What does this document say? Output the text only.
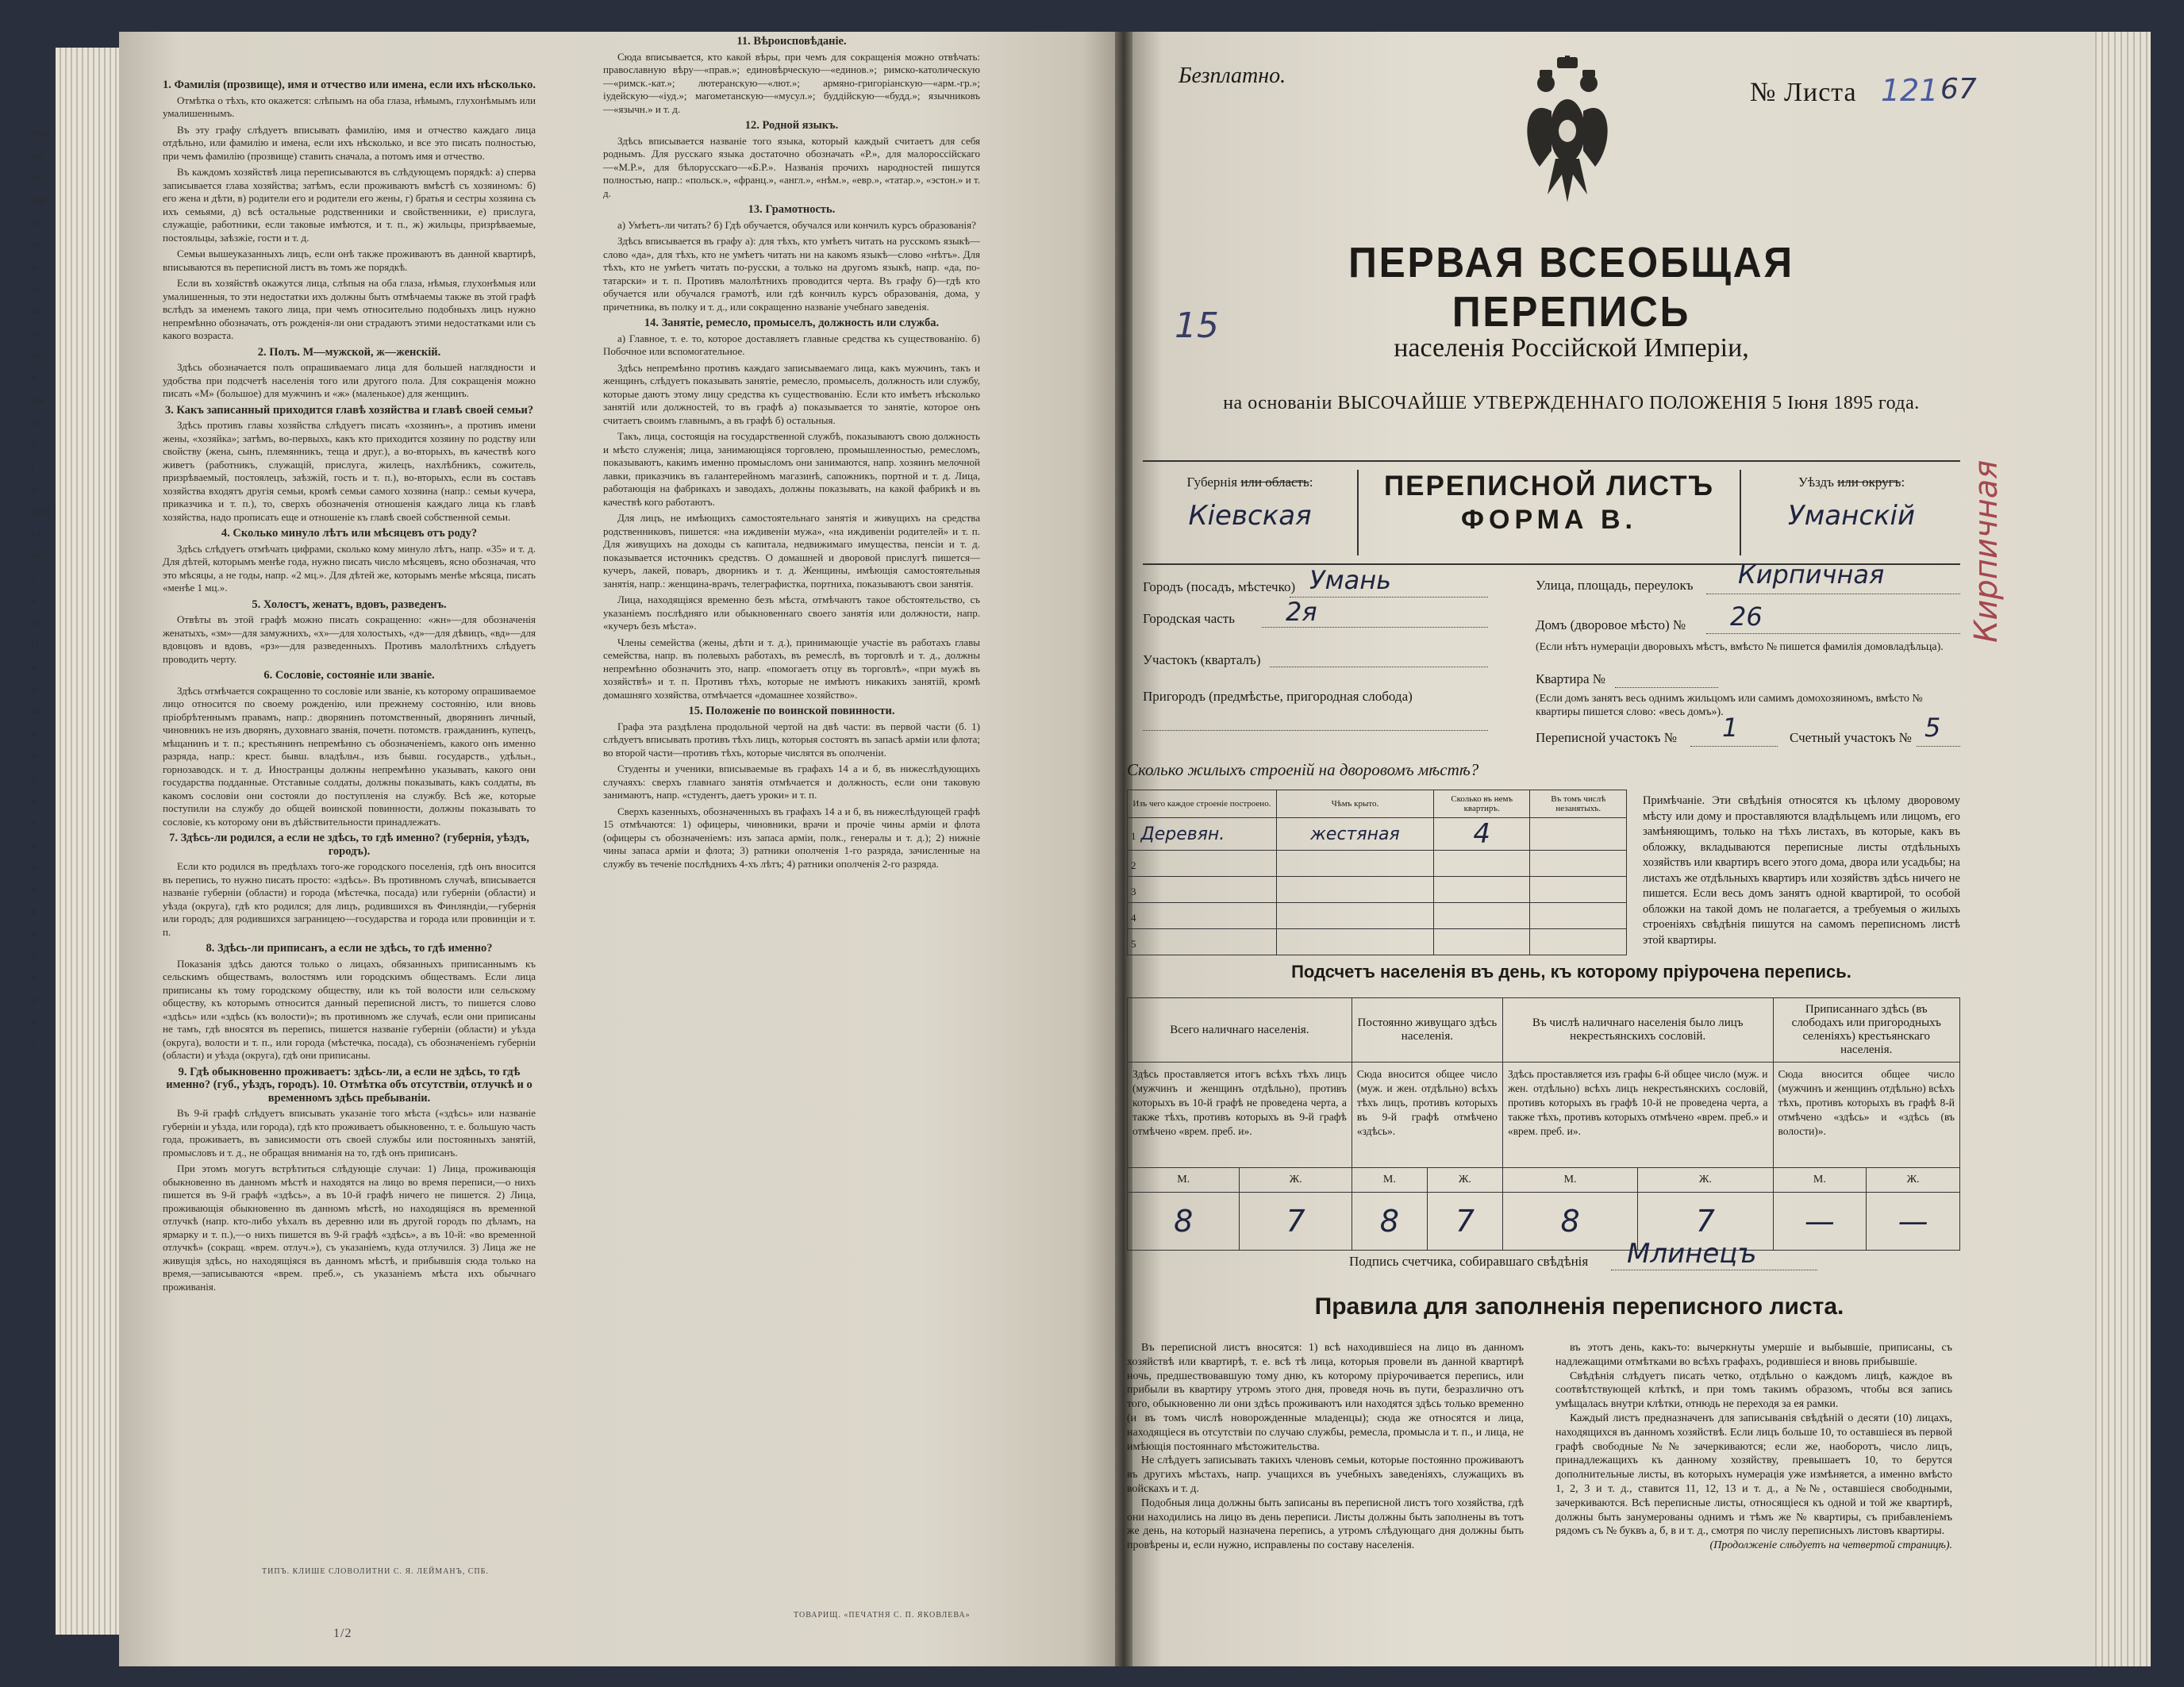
Отм
даг
по
пор
па
ен
ч
по
вл
ве
зв
ч
гла
ос
у
г
р
прот
ка
на
с
в
тъ
П
а
ро
на
в
п
р
н
к
а
п
и
к
п
г
в
п
п
7
1. Фамилія (прозвище), имя и отчество или имена, если ихъ нѣсколько.

Отмѣтка о тѣхъ, кто окажется: слѣпымъ на оба глаза, нѣмымъ, глухонѣмымъ или умалишеннымъ.

Въ эту графу слѣдуетъ вписывать фамилію, имя и отчество каждаго лица отдѣльно, или фамилію и имена, если ихъ нѣсколько, и все это писать полностью, при чемъ фамилію (прозвище) ставить сначала, а потомъ имя и отчество.

Въ каждомъ хозяйствѣ лица переписываются въ слѣдующемъ порядкѣ: а) сперва записывается глава хозяйства; затѣмъ, если проживаютъ вмѣстѣ съ хозяиномъ: б) его жена и дѣти, в) родители его и родители его жены, г) братья и сестры хозяина съ ихъ семьями, д) всѣ остальные родственники и свойственники, е) прислуга, служащіе, работники, если таковые имѣются, и т. п., ж) жильцы, призрѣваемые, постояльцы, заѣзжіе, гости и т. д.

Семьи вышеуказанныхъ лицъ, если онѣ также проживаютъ въ данной квартирѣ, вписываются въ переписной листъ въ томъ же порядкѣ.

Если въ хозяйствѣ окажутся лица, слѣпыя на оба глаза, нѣмыя, глухонѣмыя или умалишенныя, то эти недостатки ихъ должны быть отмѣчаемы также въ этой графѣ вслѣдъ за именемъ такого лица, при чемъ относительно подобныхъ лицъ нужно непремѣнно обозначать, отъ рожденія-ли они страдаютъ этими недостатками или съ какого возраста.

2. Полъ. М—мужской, ж—женскій.

Здѣсь обозначается полъ опрашиваемаго лица для большей наглядности и удобства при подсчетѣ населенія того или другого пола. Для сокращенія можно писать «М» (большое) для мужчинъ и «ж» (маленькое) для женщинъ.

3. Какъ записанный приходится главѣ хозяйства и главѣ своей семьи?

Здѣсь противъ главы хозяйства слѣдуетъ писать «хозяинъ», а противъ имени жены, «хозяйка»; затѣмъ, во-первыхъ, какъ кто приходится хозяину по родству или свойству (жена, сынъ, племянникъ, теща и друг.), а во-вторыхъ, въ качествѣ кого живетъ (работникъ, служащій, прислуга, жилецъ, нахлѣбникъ, сожитель, призрѣваемый, постоялецъ, заѣзжій, гость и т. п.), во-вторыхъ, если въ составъ хозяйства входятъ другія семьи, кромѣ семьи самого хозяина (напр.: семьи кучера, приказчика и т. п.), то, сверхъ обозначенія отношенія каждаго лица къ главѣ хозяйства, надо прописать еще и отношеніе къ главѣ своей собственной семьи.

4. Сколько минуло лѣтъ или мѣсяцевъ отъ роду?

Здѣсь слѣдуетъ отмѣчать цифрами, сколько кому минуло лѣтъ, напр. «35» и т. д. Для дѣтей, которымъ менѣе года, нужно писать число мѣсяцевъ, ясно обозначая, что это мѣсяцы, а не годы, напр. «2 мц.». Для дѣтей же, которымъ менѣе мѣсяца, писать «менѣе 1 мц.».

5. Холостъ, женатъ, вдовъ, разведенъ.

Отвѣты въ этой графѣ можно писать сокращенно: «жн»—для обозначенія женатыхъ, «зм»—для замужнихъ, «х»—для холостыхъ, «д»—для дѣвицъ, «вд»—для вдовцовъ и вдовъ, «рз»—для разведенныхъ. Противъ малолѣтнихъ слѣдуетъ проводить черту.

6. Сословіе, состояніе или званіе.

Здѣсь отмѣчается сокращенно то сословіе или званіе, къ которому опрашиваемое лицо относится по своему рожденію, или прежнему состоянію, или вновь пріобрѣтеннымъ правамъ, напр.: дворянинъ потомственный, дворянинъ личный, чиновникъ не изъ дворянъ, духовнаго званія, почетн. потомств. гражданинъ, купецъ, мѣщанинъ и т. п.; крестьянинъ непремѣнно съ обозначеніемъ, какого онъ именно разряда, напр.: крест. бывш. владѣльч., изъ бывш. государств., удѣльн., горнозаводск. и т. д. Иностранцы должны непремѣнно указывать, какого они государства подданные. Отставные солдаты, должны показывать, какъ солдаты, въ какомъ сословіи они состояли до поступленія на службу. Всѣ же, которые поступили на службу до общей воинской повинности, должны показывать то сословіе, къ которому они въ дѣйствительности принадлежатъ.

7. Здѣсь-ли родился, а если не здѣсь, то гдѣ именно? (губернія, уѣздъ, городъ).

Если кто родился въ предѣлахъ того-же городского поселенія, гдѣ онъ вносится въ перепись, то нужно писать просто: «здѣсь». Въ противномъ случаѣ, вписывается названіе губерніи (области) и города (мѣстечка, посада) или губерніи (области) и уѣзда (округа), гдѣ кто родился; для лицъ, родившихся въ Финляндіи,—губернія или городъ; для родившихся заграницею—государства и города или провинціи и т. п.

8. Здѣсь-ли приписанъ, а если не здѣсь, то гдѣ именно?

Показанія здѣсь даются только о лицахъ, обязанныхъ приписаннымъ къ сельскимъ обществамъ, волостямъ или городскимъ обществамъ. Если лица приписаны къ тому городскому обществу, или къ той волости или сельскому обществу, къ которымъ относится данный переписной листъ, то пишется слово «здѣсь» или «здѣсь (къ волости)»; въ противномъ же случаѣ, если они приписаны не тамъ, гдѣ вносятся въ перепись, пишется названіе губерніи (области) и уѣзда (округа), волости и т. п., или города (мѣстечка, посада), съ обозначеніемъ губерніи (области) и уѣзда (округа), гдѣ они приписаны.

9. Гдѣ обыкновенно проживаетъ: здѣсь-ли, а если не здѣсь, то гдѣ именно? (губ., уѣздъ, городъ). 10. Отмѣтка объ отсутствіи, отлучкѣ и о временномъ здѣсь пребываніи.

Въ 9-й графѣ слѣдуетъ вписывать указаніе того мѣста («здѣсь» или названіе губерніи и уѣзда, или города), гдѣ кто проживаетъ обыкновенно, т. е. большую часть года, проживаетъ, въ зависимости отъ своей службы или постоянныхъ занятій, промысловъ и т. д., не обращая вниманія на то, гдѣ онъ приписанъ.

При этомъ могутъ встрѣтиться слѣдующіе случаи: 1) Лица, проживающія обыкновенно въ данномъ мѣстѣ и находятся на лицо во время переписи,—о нихъ пишется въ 9-й графѣ «здѣсь», а въ 10-й графѣ ничего не пишется. 2) Лица, проживающія обыкновенно въ данномъ мѣстѣ, но находящіяся въ временной отлучкѣ (напр. кто-либо уѣхалъ въ деревню или въ другой городъ по дѣламъ, на ярмарку и т. п.),—о нихъ пишется въ 9-й графѣ «здѣсь», а въ 10-й: «во временной отлучкѣ» (сокращ. «врем. отлуч.»), съ указаніемъ, куда отлучился. 3) Лица же не живущія здѣсь, но находящіяся въ данномъ мѣстѣ, и прибывшія сюда только на время,—записываются «врем. преб.», съ указаніемъ мѣста ихъ обычнаго проживанія.

11. Вѣроисповѣданіе.

Сюда вписывается, кто какой вѣры, при чемъ для сокращенія можно отвѣчать: православную вѣру—«прав.»; единовѣрческую—«единов.»; римско-католическую—«римск.-кат.»; лютеранскую—«лют.»; армяно-григоріанскую—«арм.-гр.»; іудейскую—«іуд.»; магометанскую—«мусул.»; буддійскую—«будд.»; язычниковъ—«язычн.» и т. д.

12. Родной языкъ.

Здѣсь вписывается названіе того языка, который каждый считаетъ для себя роднымъ. Для русскаго языка достаточно обозначать «Р.», для малороссійскаго—«М.Р.», для бѣлорусскаго—«Б.Р.». Названія прочихъ народностей пишутся полностью, напр.: «польск.», «франц.», «англ.», «нѣм.», «евр.», «татар.», «эстон.» и т. д.

13. Грамотность.

а) Умѣетъ-ли читать? б) Гдѣ обучается, обучался или кончилъ курсъ образованія?

Здѣсь вписывается въ графу а): для тѣхъ, кто умѣетъ читать на русскомъ языкѣ—слово «да», для тѣхъ, кто не умѣетъ читать ни на какомъ языкѣ—слово «нѣтъ». Для тѣхъ, кто не умѣетъ читать по-русски, а только на другомъ языкѣ, напр. «да, по-татарски» и т. п. Противъ малолѣтнихъ проводится черта. Въ графу б)—гдѣ кто обучается или обучался грамотѣ, или гдѣ кончилъ курсъ образованія, дома, у причетника, въ полку и т. д., или сокращенно названіе учебнаго заведенія.

14. Занятіе, ремесло, промыселъ, должность или служба.

а) Главное, т. е. то, которое доставляетъ главные средства къ существованію. б) Побочное или вспомогательное.

Здѣсь непремѣнно противъ каждаго записываемаго лица, какъ мужчинъ, такъ и женщинъ, слѣдуетъ показывать занятіе, ремесло, промыселъ, должность или службу, которые даютъ этому лицу средства къ существованію. Если кто имѣетъ нѣсколько занятій или должностей, то въ графѣ а) показывается то занятіе, которое онъ считаетъ своимъ главнымъ, а въ графѣ б) остальныя.

Такъ, лица, состоящія на государственной службѣ, показываютъ свою должность и мѣсто служенія; лица, занимающіяся торговлею, промышленностью, ремесломъ, показываютъ, какимъ именно промысломъ они занимаются, напр. хозяинъ мелочной лавки, приказчикъ въ галантерейномъ магазинѣ, сапожникъ, портной и т. д. Лица, работающія на фабрикахъ и заводахъ, должны показывать, на какой фабрикѣ и въ качествѣ кого работаютъ.

Для лицъ, не имѣющихъ самостоятельнаго занятія и живущихъ на средства родственниковъ, пишется: «на иждивеніи мужа», «на иждивеніи родителей» и т. п. Для живущихъ на доходы съ капитала, недвижимаго имущества, пенсіи и т. д. показывается источникъ средствъ. О домашней и дворовой прислугѣ пишется—кучеръ, лакей, поваръ, дворникъ и т. д. Женщины, имѣющія самостоятельныя занятія, напр.: женщина-врачъ, телеграфистка, портниха, показываютъ свои занятія.

Лица, находящіяся временно безъ мѣста, отмѣчаютъ такое обстоятельство, съ указаніемъ послѣдняго или обыкновеннаго своего занятія или должности, напр. «кучеръ безъ мѣста».

Члены семейства (жены, дѣти и т. д.), принимающіе участіе въ работахъ главы семейства, напр. въ полевыхъ работахъ, въ ремеслѣ, въ торговлѣ и т. д., должны непремѣнно обозначить это, напр. «помогаетъ отцу въ торговлѣ», «при мужѣ въ хозяйствѣ» и т. п. Противъ тѣхъ, которые не имѣютъ никакихъ занятій, кромѣ домашняго хозяйства, отмѣчается «домашнее хозяйство».

15. Положеніе по воинской повинности.

Графа эта раздѣлена продольной чертой на двѣ части: въ первой части (б. 1) слѣдуетъ вписывать противъ тѣхъ лицъ, которыя состоятъ въ запасѣ арміи или флота; во второй части—противъ тѣхъ, которые числятся въ ополченіи.

Студенты и ученики, вписываемые въ графахъ 14 а и б, въ нижеслѣдующихъ случаяхъ: сверхъ главнаго занятія отмѣчается и должность, если они таковую занимаютъ, напр. «студентъ, даетъ уроки» и т. п.

Сверхъ казенныхъ, обозначенныхъ въ графахъ 14 а и б, въ нижеслѣдующей графѣ 15 отмѣчаются: 1) офицеры, чиновники, врачи и прочіе чины арміи и флота (офицеры съ обозначеніемъ: изъ запаса арміи, полк., генералы и т. д.); 2) нижніе чины запаса арміи и флота; 3) ратники ополченія 1-го разряда, зачисленные на службу въ теченіе послѣднихъ 4-хъ лѣтъ; 4) ратники ополченія 2-го разряда.

ТИПЪ. КЛИШЕ СЛОВОЛИТНИ С. Я. ЛЕЙМАНЪ, СПБ.
ТОВАРИЩ. «ПЕЧАТНЯ С. П. ЯКОВЛЕВА»
1/2
Безплатно.
№ Листа 121 67
15
ПЕРВАЯ ВСЕОБЩАЯ ПЕРЕПИСЬ
населенія Россійской Имперіи,
на основаніи ВЫСОЧАЙШЕ УТВЕРЖДЕННАГО ПОЛОЖЕНІЯ 5 Іюня 1895 года.
Губернія или область:
Кіевская
ПЕРЕПИСНОЙ ЛИСТЪ
ФОРМА В.
Уѣздъ или округъ:
Уманскій
Городъ (посадъ, мѣстечко) Умань
Городская часть 2я
Участокъ (кварталъ)
Пригородъ (предмѣстье, пригородная слобода)
Улица, площадь, переулокъ Кирпичная
Домъ (дворовое мѣсто) № 26
(Если нѣтъ нумераціи дворовыхъ мѣстъ, вмѣсто № пишется фамилія домовладѣльца).
Квартира №
(Если домъ занятъ весь однимъ жильцомъ или самимъ домохозяиномъ, вмѣсто № квартиры пишется слово: «весь домъ»).
Переписной участокъ № 1	Счетный участокъ № 5
Сколько жилыхъ строеній на дворовомъ мѣстѣ?
Изъ чего каждое строеніе построено.	Чѣмъ крыто.	Сколько въ немъ квартиръ.	Въ томъ числѣ незанятыхъ.
1 Деревян.	жестяная	4	
2			
3			
4			
5			
Примѣчаніе. Эти свѣдѣнія относятся къ цѣлому дворовому мѣсту или дому и проставляются владѣльцемъ или лицомъ, его замѣняющимъ, только на тѣхъ листахъ, въ которые, какъ въ обложку, вкладываются переписные листы отдѣльныхъ хозяйствъ или квартиръ всего этого дома, двора или усадьбы; на листахъ же отдѣльныхъ квартиръ или хозяйствъ здѣсь ничего не пишется. Если весь домъ занятъ одной квартирой, то особой обложки на такой домъ не полагается, а требуемыя о жилыхъ строеніяхъ свѣдѣнія пишутся на самомъ переписномъ листѣ этой квартиры.
Подсчетъ населенія въ день, къ которому пріурочена перепись.
Всего наличнаго населенія.		Постоянно живущаго здѣсь населенія.		Въ числѣ наличнаго населенія было лицъ некрестьянскихъ сословій.		Приписаннаго здѣсь (въ слободахъ или пригородныхъ селеніяхъ) крестьянскаго населенія.	
Здѣсь проставляется итогъ всѣхъ тѣхъ лицъ (мужчинъ и женщинъ отдѣльно), противъ которыхъ въ 10-й графѣ не проведена черта, а также тѣхъ, противъ которыхъ въ 9-й графѣ отмѣчено «врем. преб. и».		Сюда вносится общее число (муж. и жен. отдѣльно) всѣхъ тѣхъ лицъ, противъ которыхъ въ 9-й графѣ отмѣчено «здѣсь».		Здѣсь проставляется изъ графы 6-й общее число (муж. и жен. отдѣльно) всѣхъ лицъ некрестьянскихъ сословій, противъ которыхъ въ графѣ 10-й не проведена черта, а также тѣхъ, противъ которыхъ отмѣчено «врем. преб.» и «врем. преб. и».		Сюда вносится общее число (мужчинъ и женщинъ отдѣльно) всѣхъ тѣхъ, противъ которыхъ въ графѣ 8-й отмѣчено «здѣсь» и «здѣсь (въ волости)».	
М.	Ж.	М.	Ж.	М.	Ж.	М.	Ж.
8	7	8	7	8	7	—	—
Подпись счетчика, собиравшаго свѣдѣнія Млинецъ
Правила для заполненія переписного листа.

Въ переписной листъ вносятся: 1) всѣ находившіеся на лицо въ данномъ хозяйствѣ или квартирѣ, т. е. всѣ тѣ лица, которыя провели въ данной квартирѣ ночь, предшествовавшую тому дню, къ которому пріурочивается перепись, или прибыли въ квартиру утромъ этого дня, проведя ночь въ пути, безразлично отъ того, обыкновенно ли они здѣсь проживаютъ или находятся здѣсь только временно (и въ томъ числѣ новорожденные младенцы); сюда же относятся и лица, находящіеся въ отсутствіи по случаю службы, ремесла, промысла и т. п., и лица, не имѣющія постояннаго мѣстожительства.

Не слѣдуетъ записывать такихъ членовъ семьи, которые постоянно проживаютъ въ другихъ мѣстахъ, напр. учащихся въ учебныхъ заведеніяхъ, служащихъ въ войскахъ и т. д.

Подобныя лица должны быть записаны въ переписной листъ того хозяйства, гдѣ они находились на лицо въ день переписи. Листы должны быть заполнены въ тотъ же день, на который назначена перепись, а утромъ слѣдующаго дня должны быть провѣрены и, если нужно, исправлены по составу населенія.

въ этотъ день, какъ-то: вычеркнуты умершіе и выбывшіе, приписаны, съ надлежащими отмѣтками во всѣхъ графахъ, родившіеся и вновь прибывшіе.

Свѣдѣнія слѣдуетъ писать четко, отдѣльно о каждомъ лицѣ, каждое въ соотвѣтствующей клѣткѣ, и при томъ такимъ образомъ, чтобы вся запись умѣщалась внутри клѣтки, отнюдь не переходя за ея рамки.

Каждый листъ предназначенъ для записыванія свѣдѣній о десяти (10) лицахъ, находящихся въ данномъ хозяйствѣ. Если лицъ больше 10, то оставшіеся въ первой графѣ свободные №№ зачеркиваются; если же, наоборотъ, число лицъ, принадлежащихъ къ данному хозяйству, превышаетъ 10, то берутся дополнительные листы, въ которыхъ нумерація уже измѣняется, а именно вмѣсто 1, 2, 3 и т. д., ставится 11, 12, 13 и т. д., а №№, оставшіеся свободными, зачеркиваются. Всѣ переписные листы, относящіеся къ одной и той же квартирѣ, должны быть занумерованы однимъ и тѣмъ же № квартиры, съ прибавленіемъ рядомъ съ № буквъ а, б, в и т. д., смотря по числу переписныхъ листовъ квартиры.

(Продолженіе слѣдуетъ на четвертой страницѣ).

Кирпичная
